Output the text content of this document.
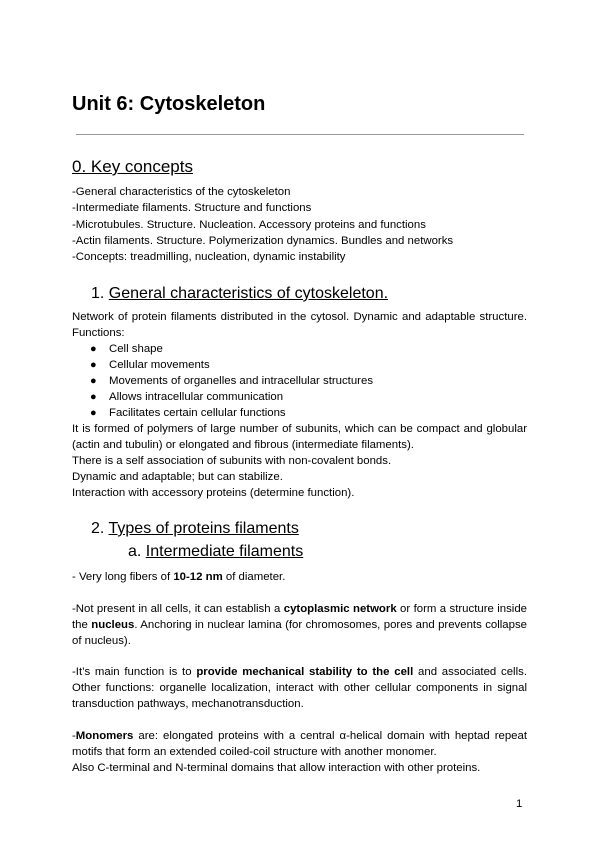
Unit 6: Cytoskeleton
0. Key concepts
-General characteristics of the cytoskeleton
-Intermediate filaments. Structure and functions
-Microtubules. Structure. Nucleation. Accessory proteins and functions
-Actin filaments. Structure. Polymerization dynamics. Bundles and networks
-Concepts: treadmilling, nucleation, dynamic instability
1. General characteristics of cytoskeleton.

Network of protein filaments distributed in the cytosol. Dynamic and adaptable structure. Functions:

● Cell shape
● Cellular movements
● Movements of organelles and intracellular structures
● Allows intracellular communication
● Facilitates certain cellular functions

It is formed of polymers of large number of subunits, which can be compact and globular (actin and tubulin) or elongated and fibrous (intermediate filaments).

There is a self association of subunits with non-covalent bonds.

Dynamic and adaptable; but can stabilize.

Interaction with accessory proteins (determine function).

2. Types of proteins filaments
a. Intermediate filaments

- Very long fibers of 10-12 nm of diameter.

-Not present in all cells, it can establish a cytoplasmic network or form a structure inside the nucleus. Anchoring in nuclear lamina (for chromosomes, pores and prevents collapse of nucleus).

-It’s main function is to provide mechanical stability to the cell and associated cells. Other functions: organelle localization, interact with other cellular components in signal transduction pathways, mechanotransduction.

-Monomers are: elongated proteins with a central α-helical domain with heptad repeat motifs that form an extended coiled-coil structure with another monomer.

Also C-terminal and N-terminal domains that allow interaction with other proteins.

1
